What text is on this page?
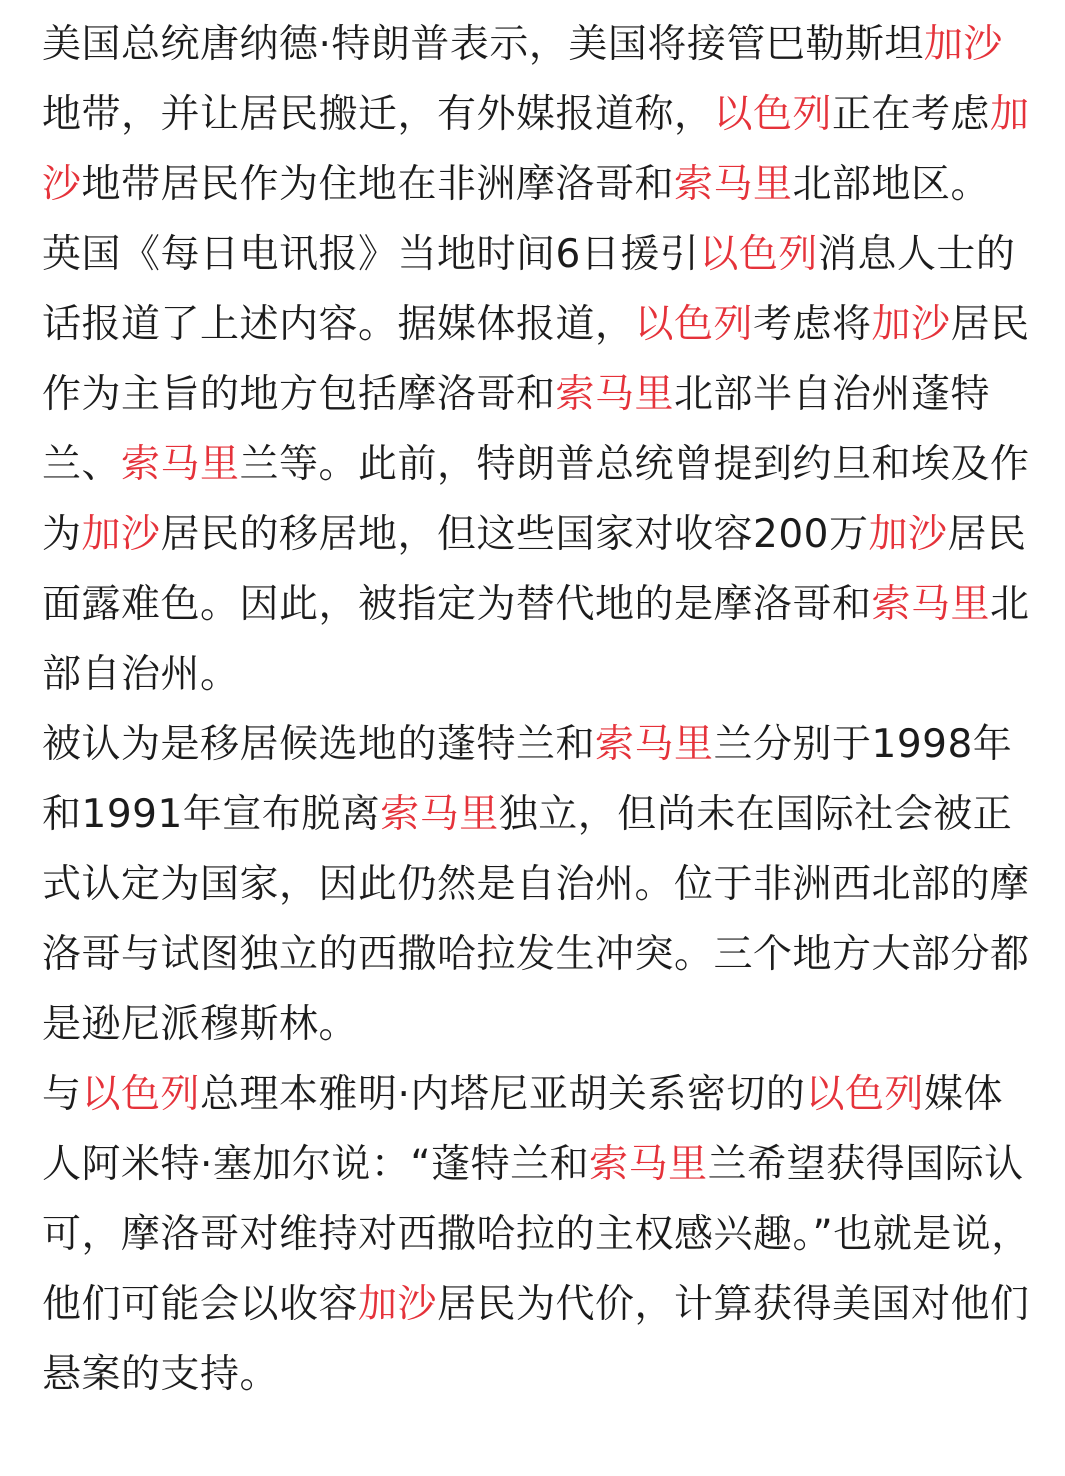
美国总统唐纳德·特朗普表示，美国将接管巴勒斯坦加沙地带，并让居民搬迁，有外媒报道称，以色列正在考虑加沙地带居民作为住地在非洲摩洛哥和索马里北部地区。

英国《每日电讯报》当地时间6日援引以色列消息人士的话报道了上述内容。据媒体报道，以色列考虑将加沙居民作为主旨的地方包括摩洛哥和索马里北部半自治州蓬特兰、索马里兰等。此前，特朗普总统曾提到约旦和埃及作为加沙居民的移居地，但这些国家对收容200万加沙居民面露难色。因此，被指定为替代地的是摩洛哥和索马里北部自治州。

被认为是移居候选地的蓬特兰和索马里兰分别于1998年和1991年宣布脱离索马里独立，但尚未在国际社会被正式认定为国家，因此仍然是自治州。位于非洲西北部的摩洛哥与试图独立的西撒哈拉发生冲突。三个地方大部分都是逊尼派穆斯林。

与以色列总理本雅明·内塔尼亚胡关系密切的以色列媒体人阿米特·塞加尔说：“蓬特兰和索马里兰希望获得国际认可，摩洛哥对维持对西撒哈拉的主权感兴趣。”也就是说，他们可能会以收容加沙居民为代价，计算获得美国对他们悬案的支持。
